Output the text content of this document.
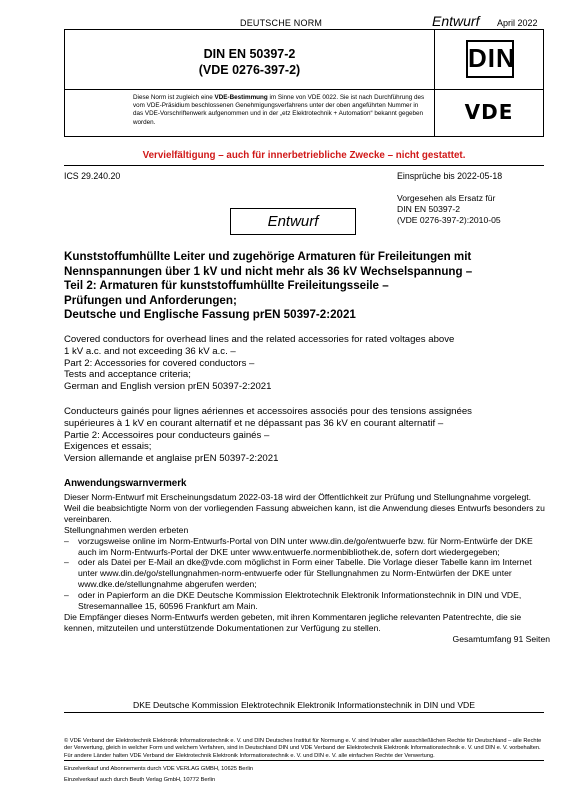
DEUTSCHE NORM	Entwurf April 2022
DIN EN 50397-2
(VDE 0276-397-2)	DIN
Diese Norm ist zugleich eine VDE-Bestimmung im Sinne von VDE 0022. Sie ist nach Durchführung des vom VDE-Präsidium beschlossenen Genehmigungsverfahrens unter der oben angeführten Nummer in das VDE-Vorschriftenwerk aufgenommen und in der „etz Elektrotechnik + Automation“ bekannt gegeben worden.	VDE
Vervielfältigung – auch für innerbetriebliche Zwecke – nicht gestattet.
ICS 29.240.20	Einsprüche bis 2022-05-18
Vorgesehen als Ersatz für
DIN EN 50397-2
(VDE 0276-397-2):2010-05
Entwurf
Kunststoffumhüllte Leiter und zugehörige Armaturen für Freileitungen mit
Nennspannungen über 1 kV und nicht mehr als 36 kV Wechselspannung –
Teil 2: Armaturen für kunststoffumhüllte Freileitungsseile –
Prüfungen und Anforderungen;
Deutsche und Englische Fassung prEN 50397-2:2021
Covered conductors for overhead lines and the related accessories for rated voltages above
1 kV a.c. and not exceeding 36 kV a.c. –
Part 2: Accessories for covered conductors –
Tests and acceptance criteria;
German and English version prEN 50397-2:2021
Conducteurs gainés pour lignes aériennes et accessoires associés pour des tensions assignées
supérieures à 1 kV en courant alternatif et ne dépassant pas 36 kV en courant alternatif –
Partie 2: Accessoires pour conducteurs gainés –
Exigences et essais;
Version allemande et anglaise prEN 50397-2:2021
Anwendungswarnvermerk

Dieser Norm-Entwurf mit Erscheinungsdatum 2022-03-18 wird der Öffentlichkeit zur Prüfung und Stellungnahme vorgelegt.

Weil die beabsichtigte Norm von der vorliegenden Fassung abweichen kann, ist die Anwendung dieses Entwurfs besonders zu vereinbaren.

Stellungnahmen werden erbeten

–	vorzugsweise online im Norm-Entwurfs-Portal von DIN unter www.din.de/go/entwuerfe bzw. für Norm-Entwürfe der DKE auch im Norm-Entwurfs-Portal der DKE unter www.entwuerfe.normenbibliothek.de, sofern dort wiedergegeben;
–	oder als Datei per E-Mail an dke@vde.com möglichst in Form einer Tabelle. Die Vorlage dieser Tabelle kann im Internet unter www.din.de/go/stellungnahmen-norm-entwuerfe oder für Stellungnahmen zu Norm-Entwürfen der DKE unter www.dke.de/stellungnahme abgerufen werden;
–	oder in Papierform an die DKE Deutsche Kommission Elektrotechnik Elektronik Informationstechnik in DIN und VDE, Stresemannallee 15, 60596 Frankfurt am Main.

Die Empfänger dieses Norm-Entwurfs werden gebeten, mit ihren Kommentaren jegliche relevanten Patentrechte, die sie kennen, mitzuteilen und unterstützende Dokumentationen zur Verfügung zu stellen.

Gesamtumfang 91 Seiten

DKE Deutsche Kommission Elektrotechnik Elektronik Informationstechnik in DIN und VDE
© VDE Verband der Elektrotechnik Elektronik Informationstechnik e. V. und DIN Deutsches Institut für Normung e. V. sind Inhaber aller ausschließlichen Rechte für Deutschland – alle Rechte der Verwertung, gleich in welcher Form und welchem Verfahren, sind in Deutschland DIN und VDE Verband der Elektrotechnik Elektronik Informationstechnik e. V. und DIN e. V. vorbehalten. Für andere Länder halten VDE Verband der Elektrotechnik Elektronik Informationstechnik e. V. und DIN e. V. alle einfachen Rechte der Verwertung.
Einzelverkauf und Abonnements durch VDE VERLAG GMBH, 10625 Berlin
Einzelverkauf auch durch Beuth Verlag GmbH, 10772 Berlin
